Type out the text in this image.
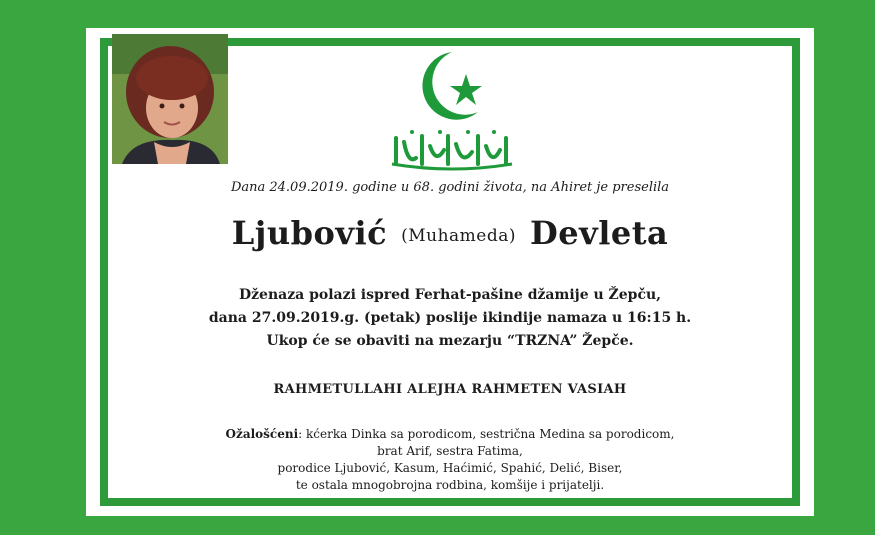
Dana 24.09.2019. godine u 68. godini života, na Ahiret je preselila
Ljubović (Muhameda) Devleta
Dženaza polazi ispred Ferhat-pašine džamije u Žepču,
dana 27.09.2019.g. (petak) poslije ikindije namaza u 16:15 h.
Ukop će se obaviti na mezarju “TRZNA” Žepče.
RAHMETULLAHI ALEJHA RAHMETEN VASIAH
Ožalošćeni: kćerka Dinka sa porodicom, sestrična Medina sa porodicom,
brat Arif, sestra Fatima,
porodice Ljubović, Kasum, Haćimić, Spahić, Delić, Biser,
te ostala mnogobrojna rodbina, komšije i prijatelji.
